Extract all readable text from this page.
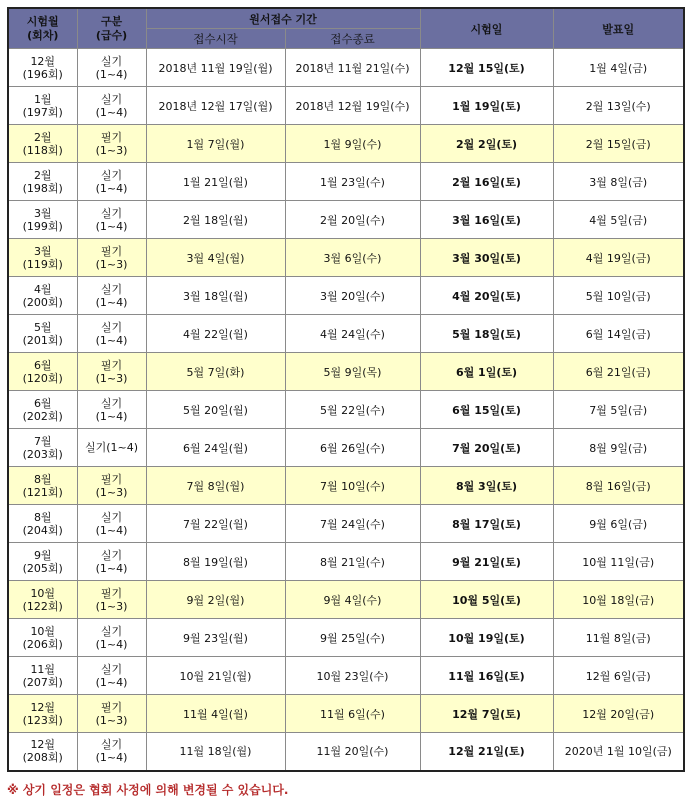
시험월
(회차)	구분
(급수)	원서접수 기간		시험일	발표일
		접수시작	접수종료		
12월
(196회)	실기
(1~4)	2018년 11월 19일(월)	2018년 11월 21일(수)	12월 15일(토)	1월 4일(금)
1월
(197회)	실기
(1~4)	2018년 12월 17일(월)	2018년 12월 19일(수)	1월 19일(토)	2월 13일(수)
2월
(118회)	필기
(1~3)	1월 7일(월)	1월 9일(수)	2월 2일(토)	2월 15일(금)
2월
(198회)	실기
(1~4)	1월 21일(월)	1월 23일(수)	2월 16일(토)	3월 8일(금)
3월
(199회)	실기
(1~4)	2월 18일(월)	2월 20일(수)	3월 16일(토)	4월 5일(금)
3월
(119회)	필기
(1~3)	3월 4일(월)	3월 6일(수)	3월 30일(토)	4월 19일(금)
4월
(200회)	실기
(1~4)	3월 18일(월)	3월 20일(수)	4월 20일(토)	5월 10일(금)
5월
(201회)	실기
(1~4)	4월 22일(월)	4월 24일(수)	5월 18일(토)	6월 14일(금)
6월
(120회)	필기
(1~3)	5월 7일(화)	5월 9일(목)	6월 1일(토)	6월 21일(금)
6월
(202회)	실기
(1~4)	5월 20일(월)	5월 22일(수)	6월 15일(토)	7월 5일(금)
7월
(203회)	실기(1~4)	6월 24일(월)	6월 26일(수)	7월 20일(토)	8월 9일(금)
8월
(121회)	필기
(1~3)	7월 8일(월)	7월 10일(수)	8월 3일(토)	8월 16일(금)
8월
(204회)	실기
(1~4)	7월 22일(월)	7월 24일(수)	8월 17일(토)	9월 6일(금)
9월
(205회)	실기
(1~4)	8월 19일(월)	8월 21일(수)	9월 21일(토)	10월 11일(금)
10월
(122회)	필기
(1~3)	9월 2일(월)	9월 4일(수)	10월 5일(토)	10월 18일(금)
10월
(206회)	실기
(1~4)	9월 23일(월)	9월 25일(수)	10월 19일(토)	11월 8일(금)
11월
(207회)	실기
(1~4)	10월 21일(월)	10월 23일(수)	11월 16일(토)	12월 6일(금)
12월
(123회)	필기
(1~3)	11월 4일(월)	11월 6일(수)	12월 7일(토)	12월 20일(금)
12월
(208회)	실기
(1~4)	11월 18일(월)	11월 20일(수)	12월 21일(토)	2020년 1월 10일(금)
※ 상기 일정은 협회 사정에 의해 변경될 수 있습니다.
